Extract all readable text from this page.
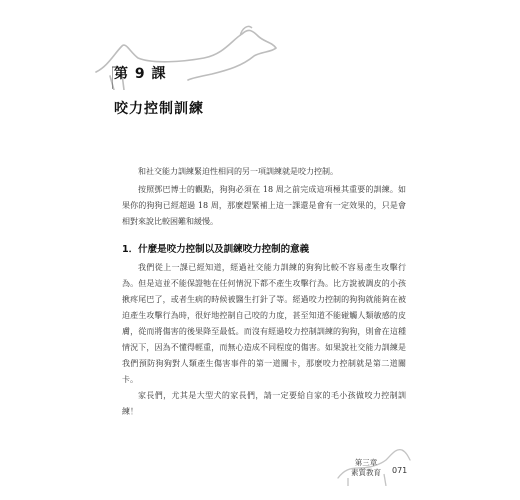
第 9 課
咬力控制訓練

和社交能力訓練緊迫性相同的另一項訓練就是咬力控制。

按照鄧巴博士的觀點，狗狗必須在 18 周之前完成這項極其重要的訓練。如果你的狗狗已經超過 18 周，那麼趕緊補上這一課還是會有一定效果的，只是會相對來說比較困難和緩慢。

1．什麼是咬力控制以及訓練咬力控制的意義

我們從上一課已經知道，經過社交能力訓練的狗狗比較不容易產生攻擊行為。但是這並不能保證牠在任何情況下都不產生攻擊行為。比方說被調皮的小孩揪疼尾巴了，或者生病的時候被醫生打針了等。經過咬力控制的狗狗就能夠在被迫產生攻擊行為時，很好地控制自己咬的力度，甚至知道不能碰觸人類敏感的皮膚，從而將傷害的後果降至最低。而沒有經過咬力控制訓練的狗狗，則會在這種情況下，因為不懂得輕重，而無心造成不同程度的傷害。如果說社交能力訓練是我們預防狗狗對人類產生傷害事件的第一道關卡，那麼咬力控制就是第二道關卡。

家長們，尤其是大型犬的家長們，請一定要給自家的毛小孩做咬力控制訓練！

第三章
素質教育	071
